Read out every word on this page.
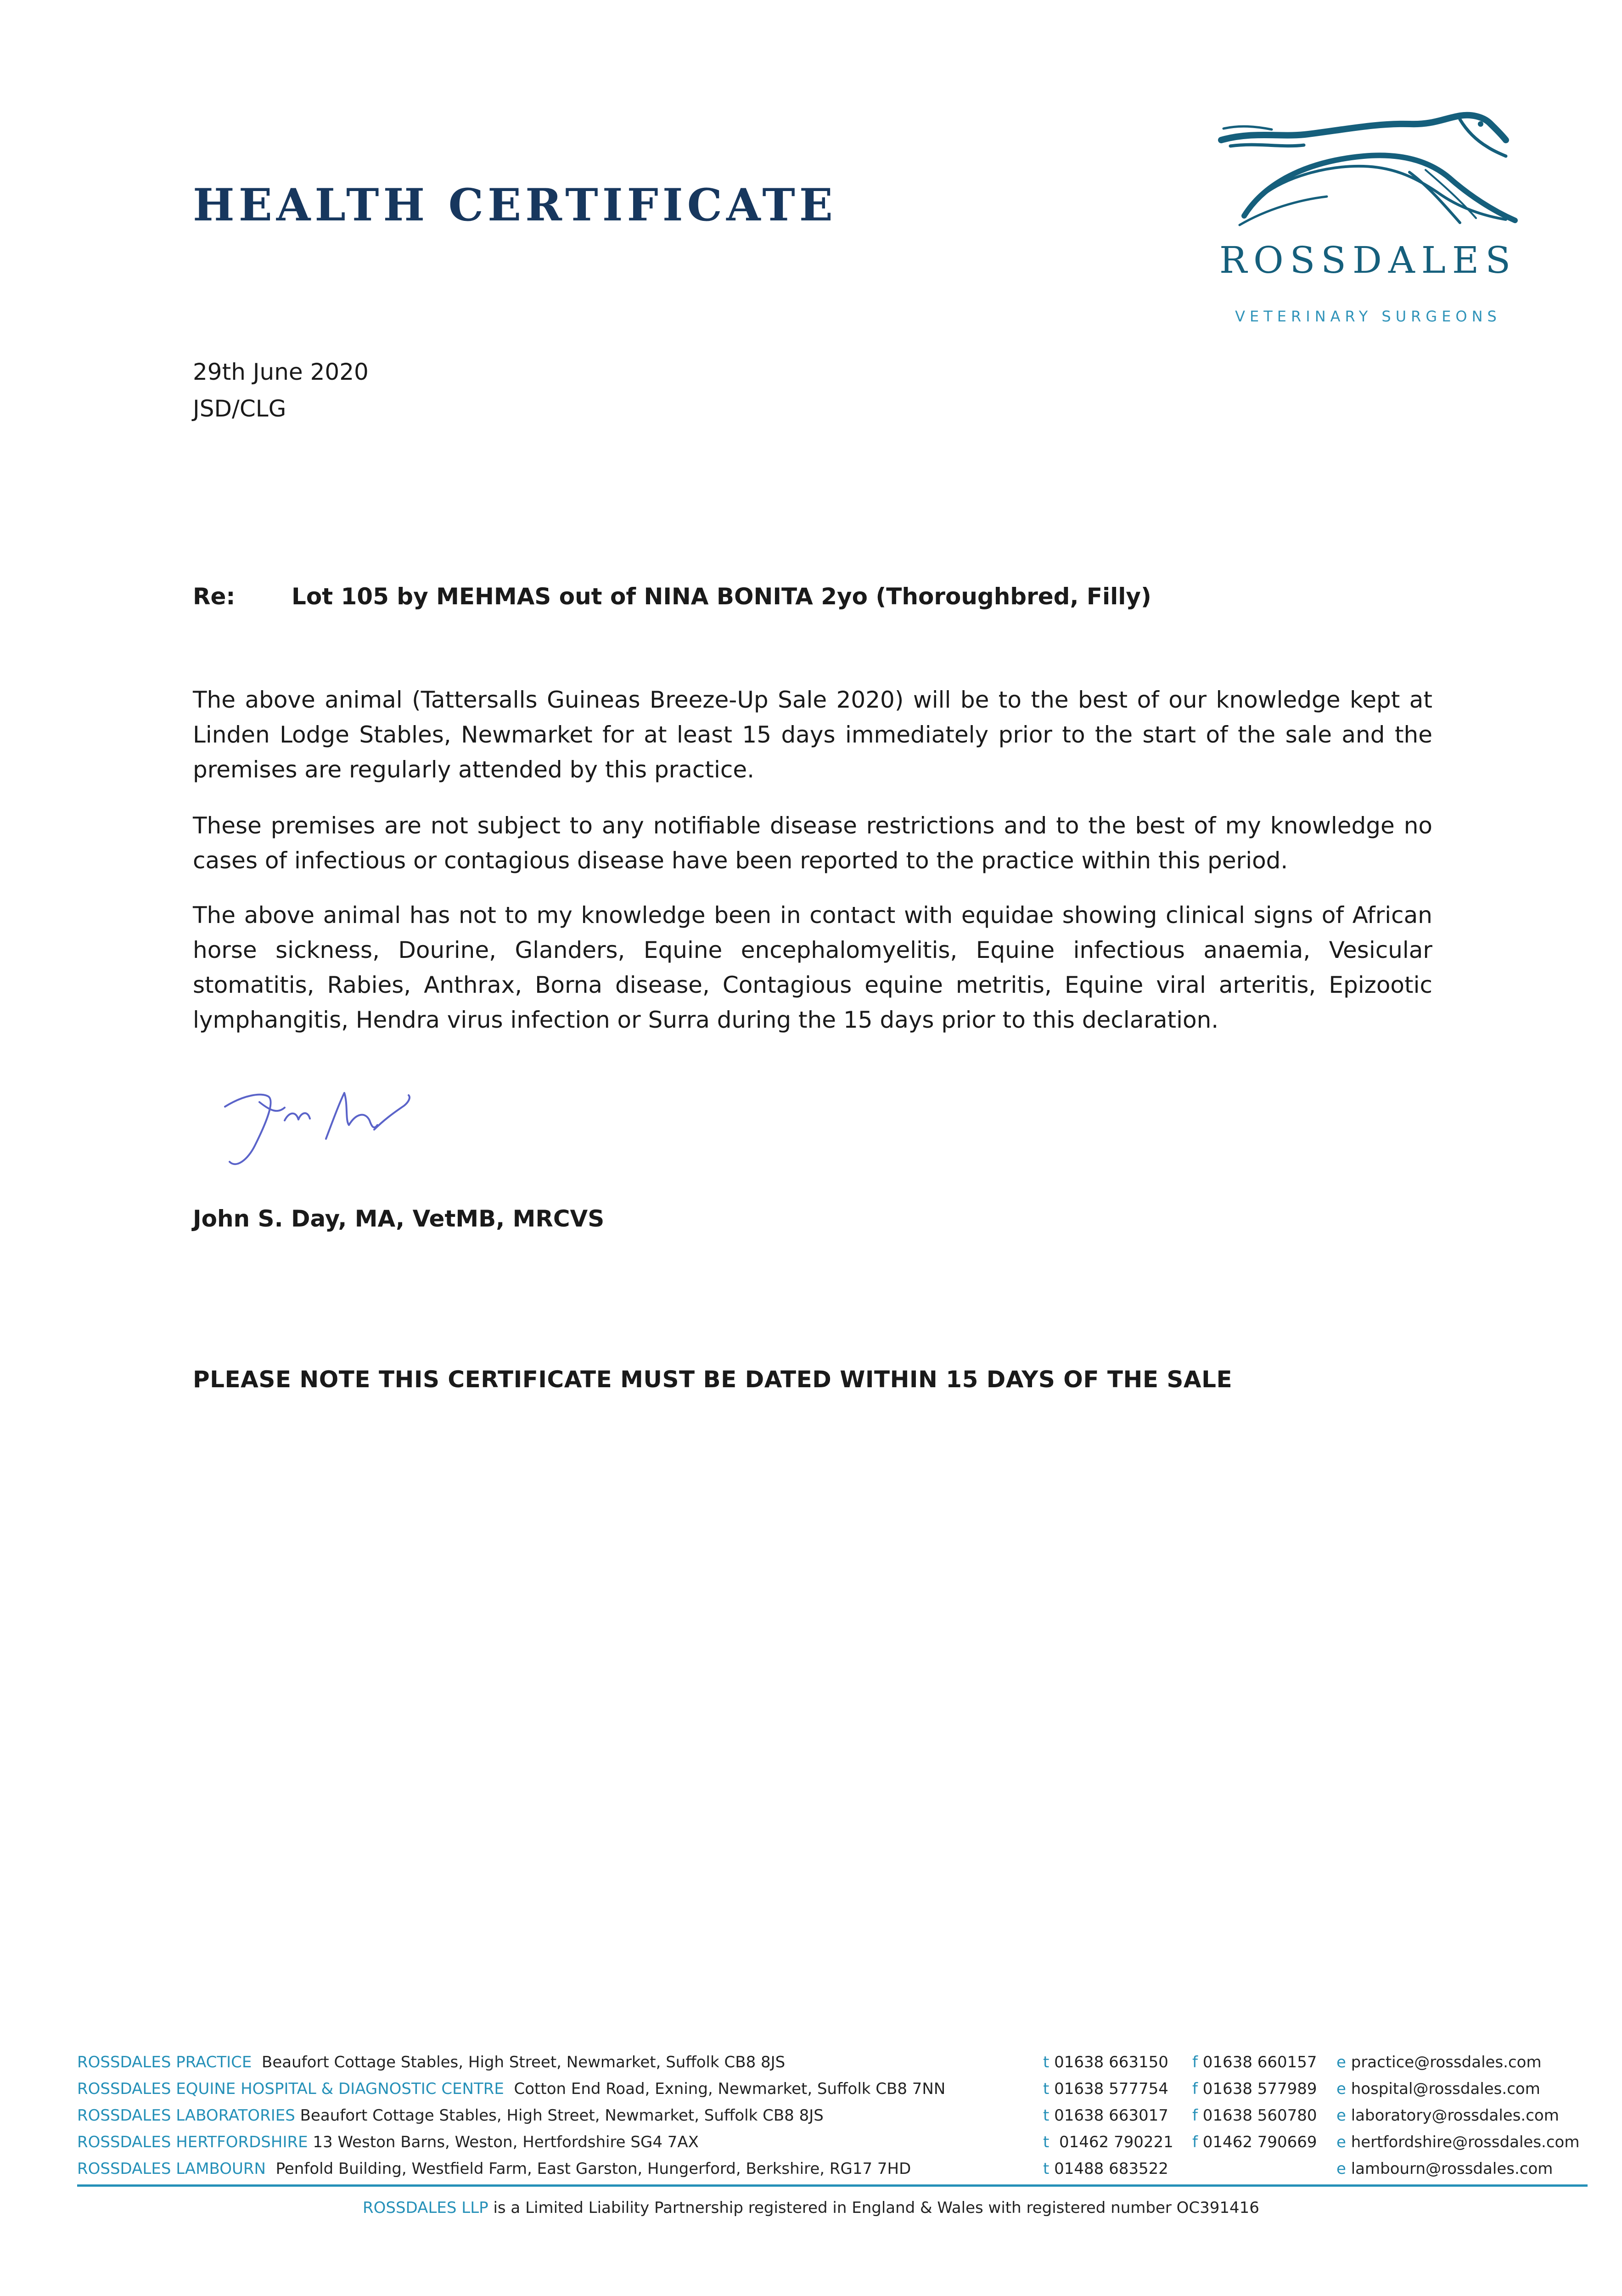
HEALTH CERTIFICATE
ROSSDALES
VETERINARY SURGEONS
29th June 2020
JSD/CLG
Re:	Lot 105 by MEHMAS out of NINA BONITA 2yo (Thoroughbred, Filly)

The above animal (Tattersalls Guineas Breeze-Up Sale 2020) will be to the best of our knowledge kept at Linden Lodge Stables, Newmarket for at least 15 days immediately prior to the start of the sale and the premises are regularly attended by this practice.

These premises are not subject to any notifiable disease restrictions and to the best of my knowledge no cases of infectious or contagious disease have been reported to the practice within this period.

The above animal has not to my knowledge been in contact with equidae showing clinical signs of African horse sickness, Dourine, Glanders, Equine encephalomyelitis, Equine infectious anaemia, Vesicular stomatitis, Rabies, Anthrax, Borna disease, Contagious equine metritis, Equine viral arteritis, Epizootic lymphangitis, Hendra virus infection or Surra during the 15 days prior to this declaration.

John S. Day, MA, VetMB, MRCVS
PLEASE NOTE THIS CERTIFICATE MUST BE DATED WITHIN 15 DAYS OF THE SALE
ROSSDALES PRACTICE Beaufort Cottage Stables, High Street, Newmarket, Suffolk CB8 8JS	t 01638 663150	f 01638 660157	e practice@rossdales.com
ROSSDALES EQUINE HOSPITAL & DIAGNOSTIC CENTRE Cotton End Road, Exning, Newmarket, Suffolk CB8 7NN	t 01638 577754	f 01638 577989	e hospital@rossdales.com
ROSSDALES LABORATORIES Beaufort Cottage Stables, High Street, Newmarket, Suffolk CB8 8JS	t 01638 663017	f 01638 560780	e laboratory@rossdales.com
ROSSDALES HERTFORDSHIRE 13 Weston Barns, Weston, Hertfordshire SG4 7AX	t 01462 790221	f 01462 790669	e hertfordshire@rossdales.com
ROSSDALES LAMBOURN Penfold Building, Westfield Farm, East Garston, Hungerford, Berkshire, RG17 7HD	t 01488 683522	e lambourn@rossdales.com
ROSSDALES LLP is a Limited Liability Partnership registered in England & Wales with registered number OC391416
